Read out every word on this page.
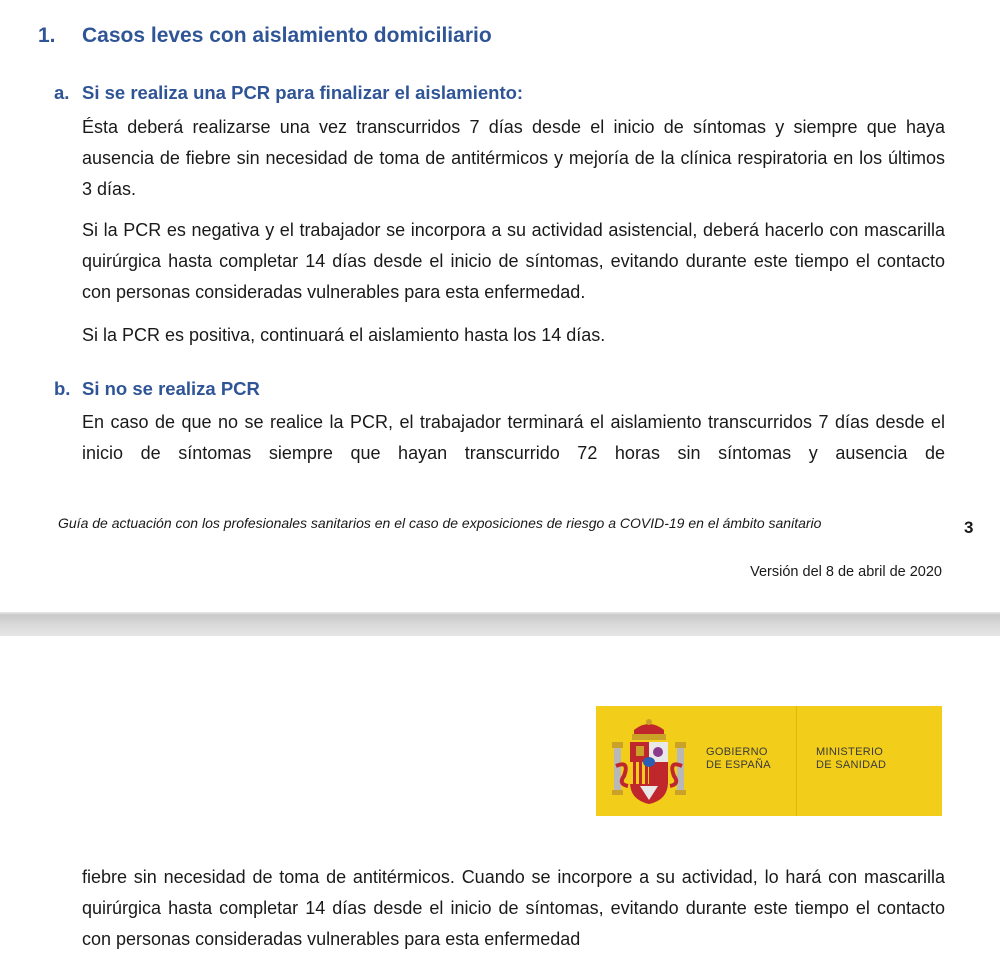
1. Casos leves con aislamiento domiciliario
a. Si se realiza una PCR para finalizar el aislamiento:

Ésta deberá realizarse una vez transcurridos 7 días desde el inicio de síntomas y siempre que haya ausencia de fiebre sin necesidad de toma de antitérmicos y mejoría de la clínica respiratoria en los últimos 3 días.

Si la PCR es negativa y el trabajador se incorpora a su actividad asistencial, deberá hacerlo con mascarilla quirúrgica hasta completar 14 días desde el inicio de síntomas, evitando durante este tiempo el contacto con personas consideradas vulnerables para esta enfermedad.

Si la PCR es positiva, continuará el aislamiento hasta los 14 días.

b. Si no se realiza PCR

En caso de que no se realice la PCR, el trabajador terminará el aislamiento transcurridos 7 días desde el inicio de síntomas siempre que hayan transcurrido 72 horas sin síntomas y ausencia de

Guía de actuación con los profesionales sanitarios en el caso de exposiciones de riesgo a COVID-19 en el ámbito sanitario	3
Versión del 8 de abril de 2020
GOBIERNO
DE ESPAÑA
MINISTERIO
DE SANIDAD

fiebre sin necesidad de toma de antitérmicos. Cuando se incorpore a su actividad, lo hará con mascarilla quirúrgica hasta completar 14 días desde el inicio de síntomas, evitando durante este tiempo el contacto con personas consideradas vulnerables para esta enfermedad
